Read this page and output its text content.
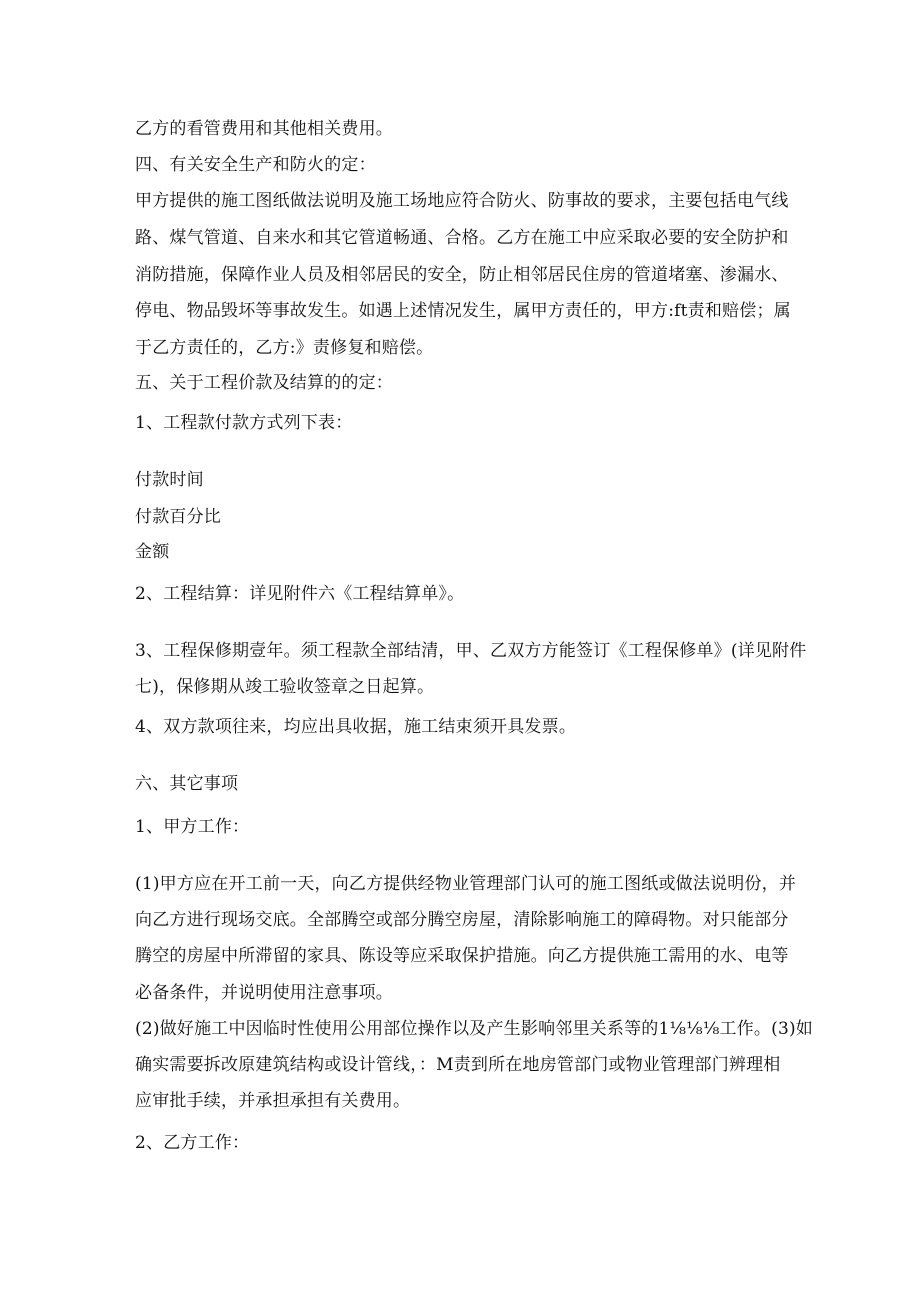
乙方的看管费用和其他相关费用。
四、有关安全生产和防火的定：
甲方提供的施工图纸做法说明及施工场地应符合防火、防事故的要求，主要包括电气线
路、煤气管道、自来水和其它管道畅通、合格。乙方在施工中应采取必要的安全防护和
消防措施，保障作业人员及相邻居民的安全，防止相邻居民住房的管道堵塞、渗漏水、
停电、物品毁坏等事故发生。如遇上述情况发生，属甲方责任的，甲方:ft责和赔偿；属
于乙方责任的，乙方:》责修复和赔偿。
五、关于工程价款及结算的的定：
1、工程款付款方式列下表：
付款时间
付款百分比
金额
2、工程结算：详见附件六《工程结算单》。
3、工程保修期壹年。须工程款全部结清，甲、乙双方方能签订《工程保修单》(详见附件
七)，保修期从竣工验收签章之日起算。
4、双方款项往来，均应出具收据，施工结束须开具发票。
六、其它事项
1、甲方工作：
(1)甲方应在开工前一天，向乙方提供经物业管理部门认可的施工图纸或做法说明份，并
向乙方进行现场交底。全部腾空或部分腾空房屋，清除影响施工的障碍物。对只能部分
腾空的房屋中所滞留的家具、陈设等应采取保护措施。向乙方提供施工需用的水、电等
必备条件，并说明使用注意事项。
(2)做好施工中因临时性使用公用部位操作以及产生影响邻里关系等的1⅛⅛⅛工作。(3)如
确实需要拆改原建筑结构或设计管线，：M责到所在地房管部门或物业管理部门辨理相
应审批手续，并承担承担有关费用。
2、乙方工作：
